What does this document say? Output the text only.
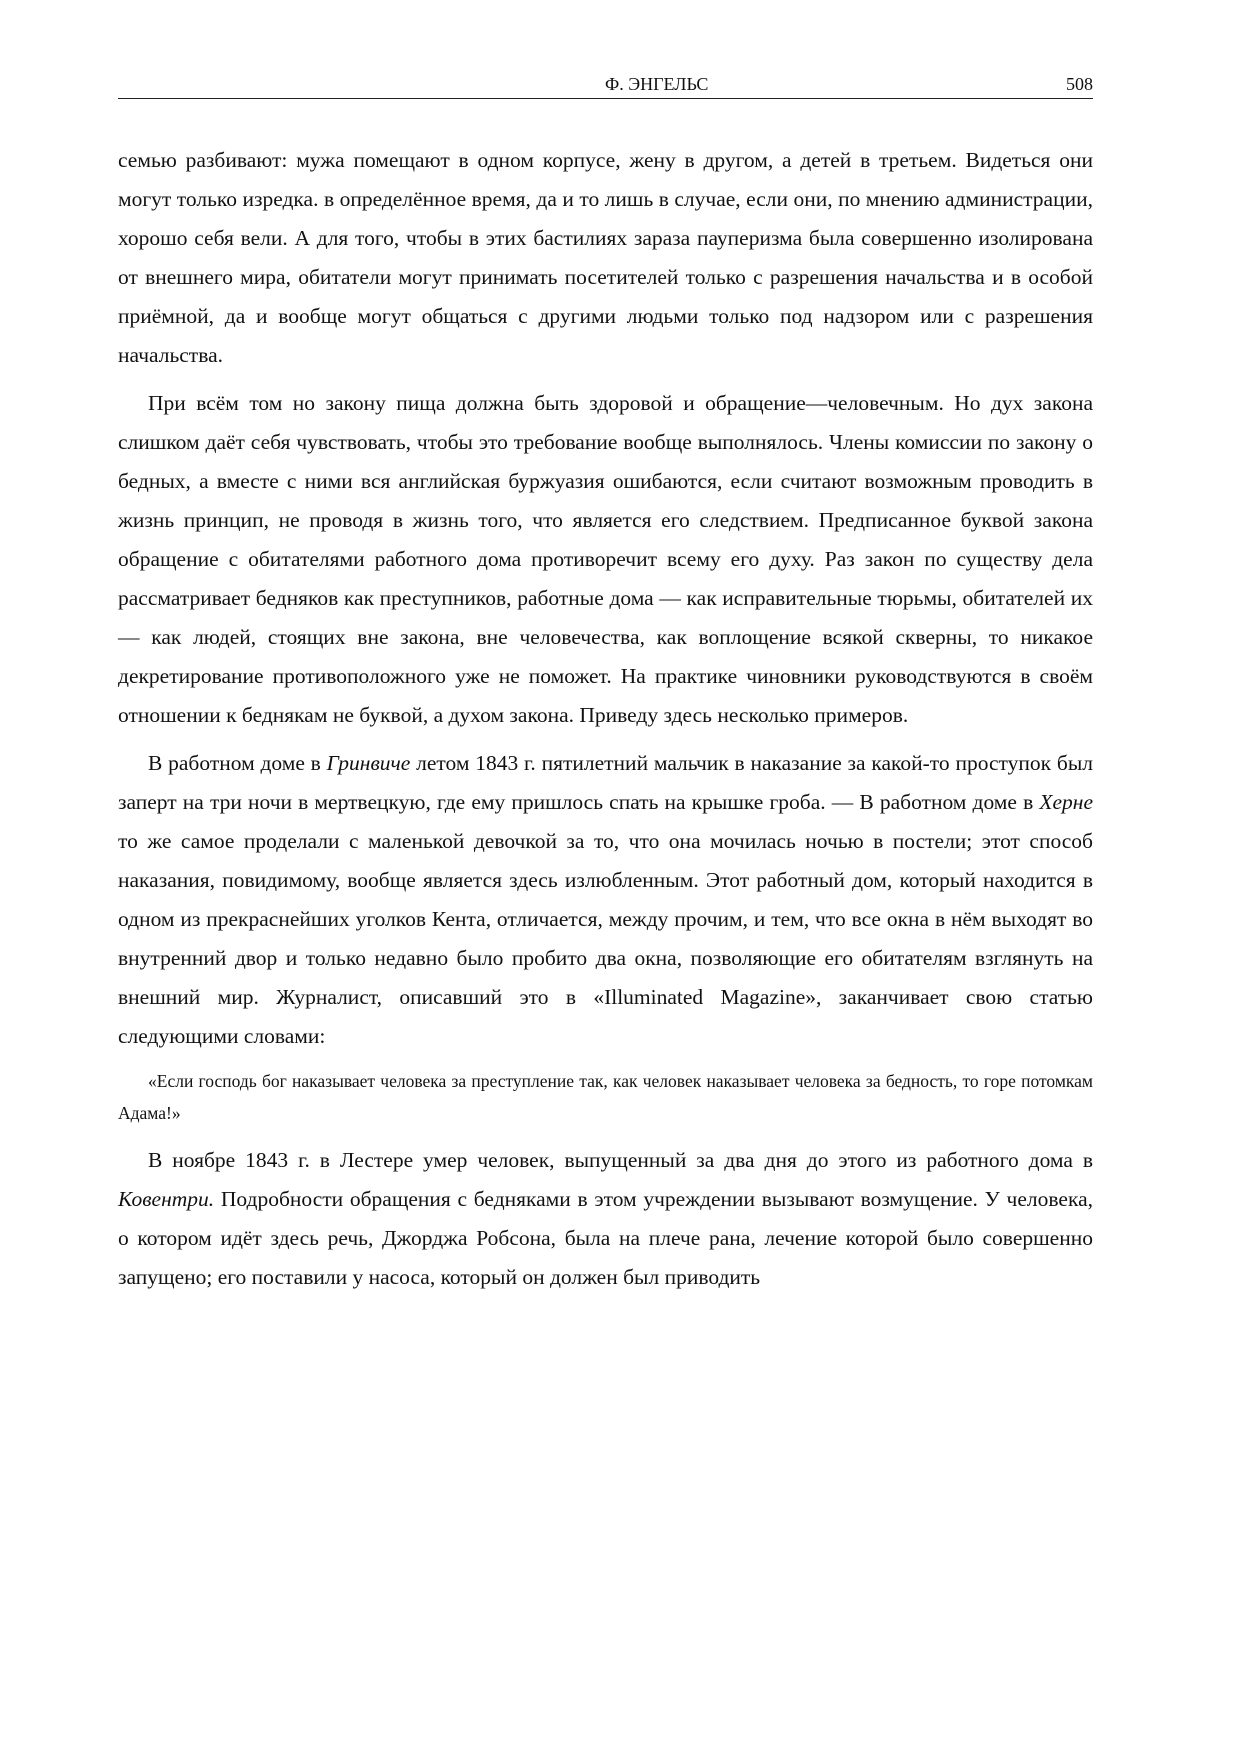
Ф. ЭНГЕЛЬС	508

семью разбивают: мужа помещают в одном корпусе, жену в другом, а детей в третьем. Видеться они могут только изредка. в определённое время, да и то лишь в случае, если они, по мнению администрации, хорошо себя вели. А для того, чтобы в этих бастилиях зараза пауперизма была совершенно изолирована от внешнего мира, обитатели могут принимать посетителей только с разрешения начальства и в особой приёмной, да и вообще могут общаться с другими людьми только под надзором или с разрешения начальства.

При всём том но закону пища должна быть здоровой и обращение—человечным. Но дух закона слишком даёт себя чувствовать, чтобы это требование вообще выполнялось. Члены комиссии по закону о бедных, а вместе с ними вся английская буржуазия ошибаются, если считают возможным проводить в жизнь принцип, не проводя в жизнь того, что является его следствием. Предписанное буквой закона обращение с обитателями работного дома противоречит всему его духу. Раз закон по существу дела рассматривает бедняков как преступников, работные дома — как исправительные тюрьмы, обитателей их— как людей, стоящих вне закона, вне человечества, как воплощение всякой скверны, то никакое декретирование противоположного уже не поможет. На практике чиновники руководствуются в своём отношении к беднякам не буквой, а духом закона. Приведу здесь несколько примеров.

В работном доме в Гринвиче летом 1843 г. пятилетний мальчик в наказание за какой-то проступок был заперт на три ночи в мертвецкую, где ему пришлось спать на крышке гроба. — В работном доме в Херне то же самое проделали с маленькой девочкой за то, что она мочилась ночью в постели; этот способ наказания, повидимому, вообще является здесь излюбленным. Этот работный дом, который находится в одном из прекраснейших уголков Кента, отличается, между прочим, и тем, что все окна в нём выходят во внутренний двор и только недавно было пробито два окна, позволяющие его обитателям взглянуть на внешний мир. Журналист, описавший это в «Illuminated Magazine», заканчивает свою статью следующими словами:

«Если господь бог наказывает человека за преступление так, как человек наказывает человека за бедность, то горе потомкам Адама!»

В ноябре 1843 г. в Лестере умер человек, выпущенный за два дня до этого из работного дома в Ковентри. Подробности обращения с бедняками в этом учреждении вызывают возмущение. У человека, о котором идёт здесь речь, Джорджа Робсона, была на плече рана, лечение которой было совершенно запущено; его поставили у насоса, который он должен был приводить
